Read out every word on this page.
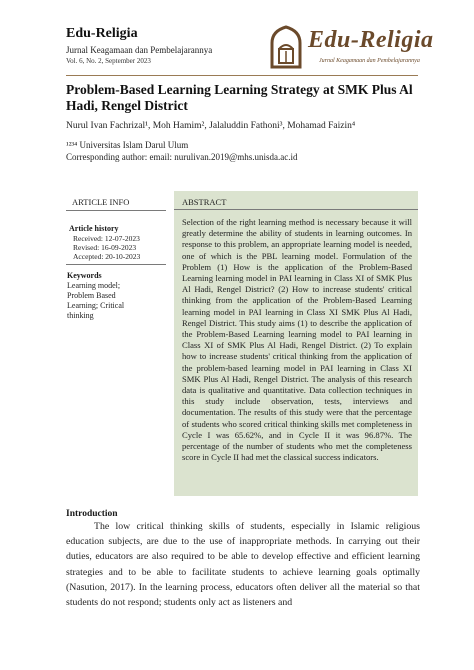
Edu-Religia
Jurnal Keagamaan dan Pembelajarannya
Vol. 6, No. 2, September 2023
Edu-Religia
Jurnal Keagamaan dan Pembelajarannya
Problem-Based Learning Learning Strategy at SMK Plus Al Hadi, Rengel District
Nurul Ivan Fachrizal¹, Moh Hamim², Jalaluddin Fathoni³, Mohamad Faizin⁴
¹²³⁴ Universitas Islam Darul Ulum
Corresponding author: email: nurulivan.2019@mhs.unisda.ac.id
ARTICLE INFO
Article history
Received: 12-07-2023
Revised: 16-09-2023
Accepted: 20-10-2023
Keywords
Learning model;
Problem Based
Learning; Critical
thinking
ABSTRACT
Selection of the right learning method is necessary because it will greatly determine the ability of students in learning outcomes. In response to this problem, an appropriate learning model is needed, one of which is the PBL learning model. Formulation of the Problem (1) How is the application of the Problem-Based Learning learning model in PAI learning in Class XI of SMK Plus Al Hadi, Rengel District? (2) How to increase students' critical thinking from the application of the Problem-Based Learning learning model in PAI learning in Class XI SMK Plus Al Hadi, Rengel District. This study aims (1) to describe the application of the Problem-Based Learning learning model to PAI learning in Class XI of SMK Plus Al Hadi, Rengel District. (2) To explain how to increase students' critical thinking from the application of the problem-based learning model in PAI learning in Class XI SMK Plus Al Hadi, Rengel District. The analysis of this research data is qualitative and quantitative. Data collection techniques in this study include observation, tests, interviews and documentation. The results of this study were that the percentage of students who scored critical thinking skills met completeness in Cycle I was 65.62%, and in Cycle II it was 96.87%. The percentage of the number of students who met the completeness score in Cycle II had met the classical success indicators.
Introduction
The low critical thinking skills of students, especially in Islamic religious education subjects, are due to the use of inappropriate methods. In carrying out their duties, educators are also required to be able to develop effective and efficient learning strategies and to be able to facilitate students to achieve learning goals optimally (Nasution, 2017). In the learning process, educators often deliver all the material so that students do not respond; students only act as listeners and
